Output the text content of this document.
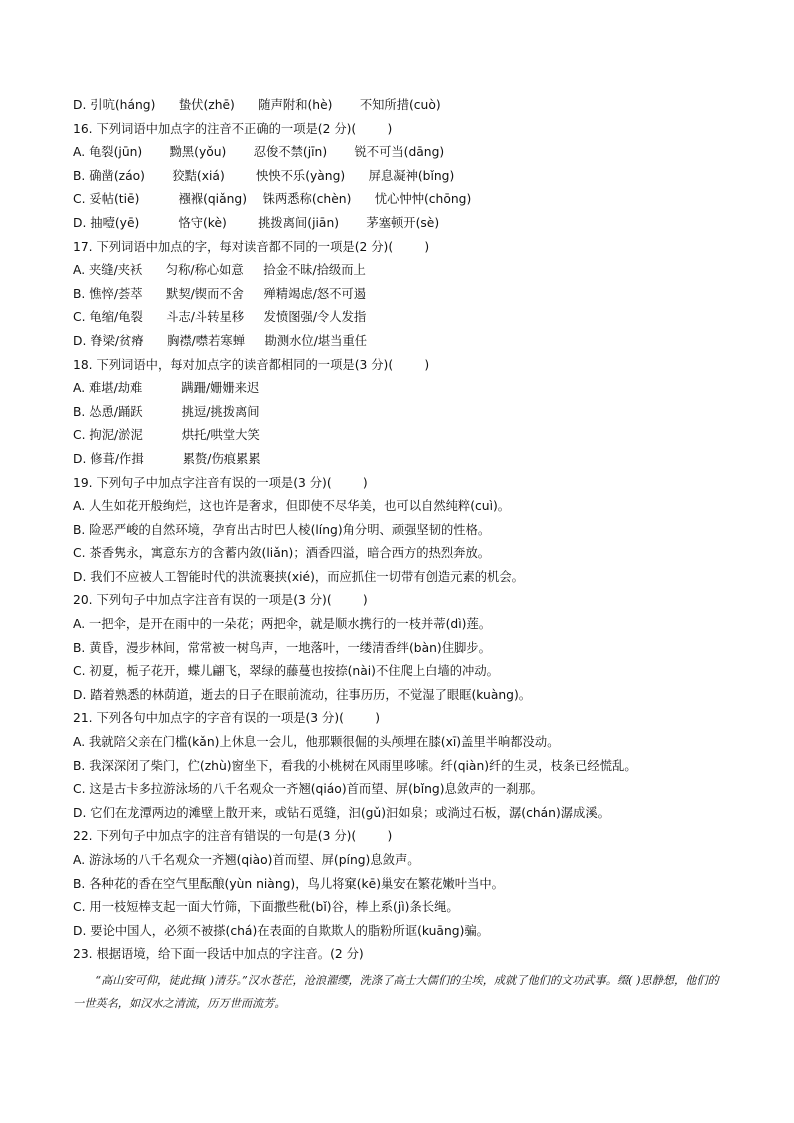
D. 引吭(háng)      蛰伏(zhē)      随声附和(hè)       不知所措(cuò)
16. 下列词语中加点字的注音不正确的一项是(2 分)(        )
A. 龟裂(jūn)       黝黑(yǒu)       忍俊不禁(jīn)       锐不可当(dāng)
B. 确凿(záo)       狡黠(xiá)        怏怏不乐(yàng)      屏息凝神(bǐng)
C. 妥帖(tiē)          襁褓(qiǎng)    铢两悉称(chèn)      忧心忡忡(chōng)
D. 抽噎(yē)          恪守(kè)        挑拨离间(jiān)       茅塞顿开(sè)
17. 下列词语中加点的字，每对读音都不同的一项是(2 分)(        )
A. 夹缝/夹袄      匀称/称心如意     拾金不昧/拾级而上
B. 憔悴/荟萃      默契/锲而不舍     殚精竭虑/怒不可遏
C. 龟缩/龟裂      斗志/斗转星移     发愤图强/令人发指
D. 脊梁/贫瘠      胸襟/噤若寒蝉     勘测水位/堪当重任
18. 下列词语中，每对加点字的读音都相同的一项是(3 分)(        )
A. 难堪/劫难          蹒跚/姗姗来迟
B. 怂恿/踊跃          挑逗/挑拨离间
C. 拘泥/淤泥          烘托/哄堂大笑
D. 修葺/作揖          累赘/伤痕累累
19. 下列句子中加点字注音有误的一项是(3 分)(        )
A. 人生如花开般绚烂，这也许是奢求，但即使不尽华美，也可以自然纯粹(cuì)。
B. 险恶严峻的自然环境，孕育出古时巴人棱(líng)角分明、顽强坚韧的性格。
C. 茶香隽永，寓意东方的含蓄内敛(liǎn)；酒香四溢，暗合西方的热烈奔放。
D. 我们不应被人工智能时代的洪流裹挟(xié)，而应抓住一切带有创造元素的机会。
20. 下列句子中加点字注音有误的一项是(3 分)(        )
A. 一把伞，是开在雨中的一朵花；两把伞，就是顺水携行的一枝并蒂(dì)莲。
B. 黄昏，漫步林间，常常被一树鸟声，一地落叶，一缕清香绊(bàn)住脚步。
C. 初夏，栀子花开，蝶儿翩飞，翠绿的藤蔓也按捺(nài)不住爬上白墙的冲动。
D. 踏着熟悉的林荫道，逝去的日子在眼前流动，往事历历，不觉湿了眼眶(kuàng)。
21. 下列各句中加点字的字音有误的一项是(3 分)(        )
A. 我就陪父亲在门槛(kǎn)上休息一会儿，他那颗很倔的头颅埋在膝(xī)盖里半晌都没动。
B. 我深深闭了柴门，伫(zhù)窗坐下，看我的小桃树在风雨里哆嗦。纤(qiàn)纤的生灵，枝条已经慌乱。
C. 这是古卡多拉游泳场的八千名观众一齐翘(qiáo)首而望、屏(bǐng)息敛声的一刹那。
D. 它们在龙潭两边的滩壁上散开来，或钻石觅缝，汩(gǔ)汩如泉；或淌过石板，潺(chán)潺成溪。
22. 下列句子中加点字的注音有错误的一句是(3 分)(        )
A. 游泳场的八千名观众一齐翘(qiào)首而望、屏(píng)息敛声。
B. 各种花的香在空气里酝酿(yùn niàng)，鸟儿将窠(kē)巢安在繁花嫩叶当中。
C. 用一枝短棒支起一面大竹筛，下面撒些秕(bǐ)谷，棒上系(jì)条长绳。
D. 要论中国人，必须不被搽(chá)在表面的自欺欺人的脂粉所诓(kuāng)骗。
23. 根据语境，给下面一段话中加点的字注音。(2 分)
“高山安可仰，徒此揖( )清芬。”汉水苍茫，沧浪濯缨，洗涤了高士大儒们的尘埃，成就了他们的文功武事。缀( )思静想，他们的一世英名，如汉水之清流，历万世而流芳。
